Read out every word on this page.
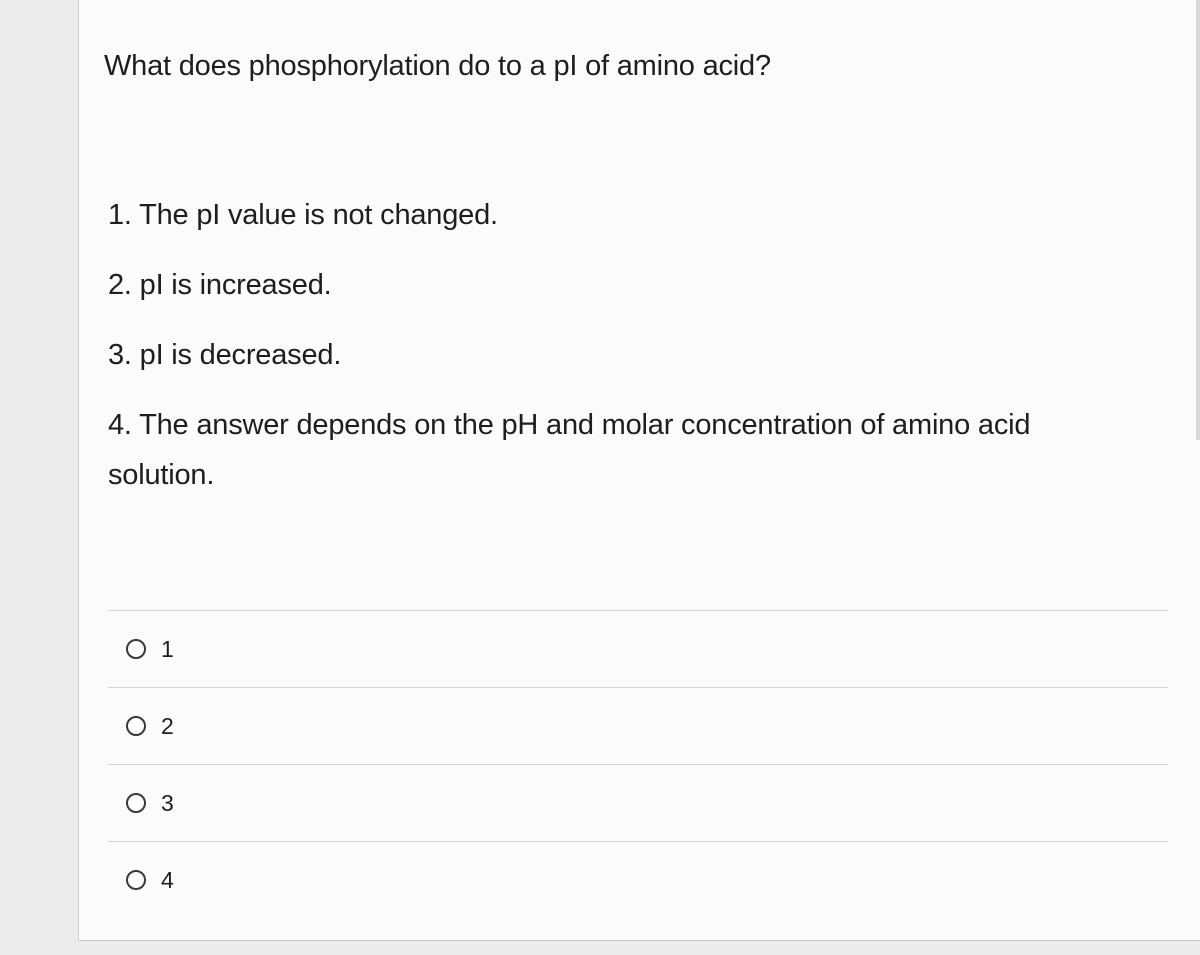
What does phosphorylation do to a pI of amino acid?
1. The pI value is not changed.
2. pI is increased.
3. pI is decreased.
4. The answer depends on the pH and molar concentration of amino acid solution.
1
2
3
4
